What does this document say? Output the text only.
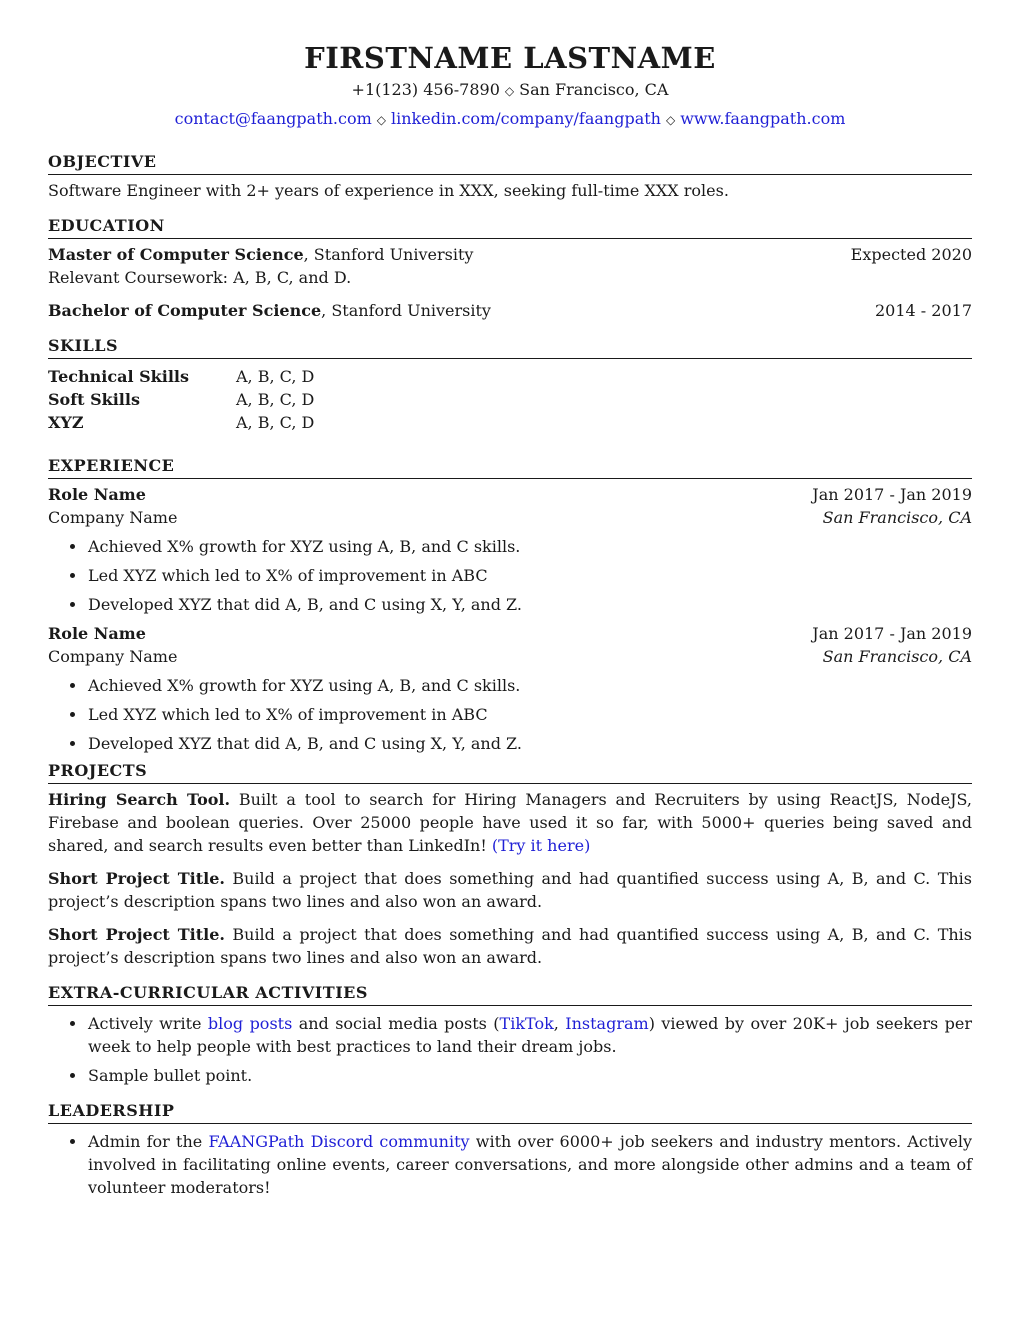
FIRSTNAME LASTNAME

+1(123) 456-7890 ◇ San Francisco, CA
contact@faangpath.com ◇ linkedin.com/company/faangpath ◇ www.faangpath.com
OBJECTIVE
Software Engineer with 2+ years of experience in XXX, seeking full-time XXX roles.
EDUCATION
Master of Computer Science, Stanford University	Expected 2020
Relevant Coursework: A, B, C, and D.
Bachelor of Computer Science, Stanford University	2014 - 2017
SKILLS
Technical Skills	A, B, C, D
Soft Skills	A, B, C, D
XYZ	A, B, C, D
EXPERIENCE
Role Name	Jan 2017 - Jan 2019
Company Name	San Francisco, CA
Achieved X% growth for XYZ using A, B, and C skills.
Led XYZ which led to X% of improvement in ABC
Developed XYZ that did A, B, and C using X, Y, and Z.
Role Name	Jan 2017 - Jan 2019
Company Name	San Francisco, CA
Achieved X% growth for XYZ using A, B, and C skills.
Led XYZ which led to X% of improvement in ABC
Developed XYZ that did A, B, and C using X, Y, and Z.
PROJECTS
Hiring Search Tool. Built a tool to search for Hiring Managers and Recruiters by using ReactJS, NodeJS, Firebase and boolean queries. Over 25000 people have used it so far, with 5000+ queries being saved and shared, and search results even better than LinkedIn! (Try it here)
Short Project Title. Build a project that does something and had quantified success using A, B, and C. This project’s description spans two lines and also won an award.
Short Project Title. Build a project that does something and had quantified success using A, B, and C. This project’s description spans two lines and also won an award.
EXTRA-CURRICULAR ACTIVITIES
Actively write blog posts and social media posts (TikTok, Instagram) viewed by over 20K+ job seekers per week to help people with best practices to land their dream jobs.
Sample bullet point.
LEADERSHIP
Admin for the FAANGPath Discord community with over 6000+ job seekers and industry mentors. Actively involved in facilitating online events, career conversations, and more alongside other admins and a team of volunteer moderators!
